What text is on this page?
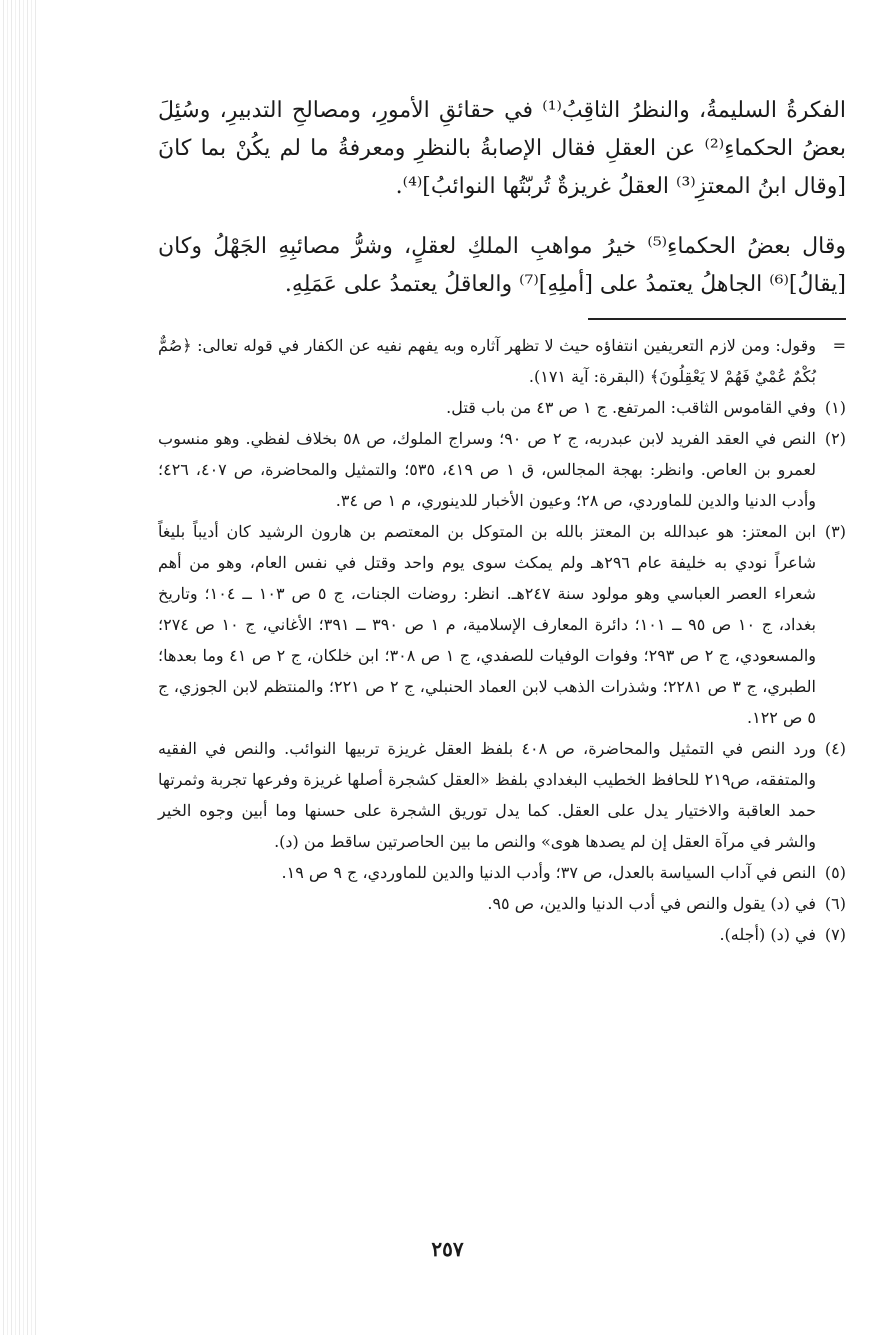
الفكرةُ السليمةُ، والنظرُ الثاقِبُ⁽¹⁾ في حقائقِ الأمورِ، ومصالحِ التدبيرِ، وسُئِلَ بعضُ الحكماءِ⁽²⁾ عن العقلِ فقال الإصابةُ بالنظرِ ومعرفةُ ما لم يكُنْ بما كانَ [وقال ابنُ المعتزِ⁽³⁾ العقلُ غريزةٌ تُربّتُها النوائبُ]⁽⁴⁾.

وقال بعضُ الحكماءِ⁽⁵⁾ خيرُ مواهبِ الملكِ لعقلٍ، وشرُّ مصائبِهِ الجَهْلُ وكان [يقالُ]⁽⁶⁾ الجاهلُ يعتمدُ على [أملِهِ]⁽⁷⁾ والعاقلُ يعتمدُ على عَمَلِهِ.

=
وقول: ومن لازم التعريفين انتفاؤه حيث لا تظهر آثاره وبه يفهم نفيه عن الكفار في قوله تعالى: ﴿صُمٌّ بُكْمٌ عُمْيٌ فَهُمْ لا يَعْقِلُونَ﴾ (البقرة: آية ١٧١).
(١)
وفي القاموس الثاقب: المرتفع. ج ١ ص ٤٣ من باب قتل.
(٢)
النص في العقد الفريد لابن عبدربه، ج ٢ ص ٩٠؛ وسراج الملوك، ص ٥٨ بخلاف لفظي. وهو منسوب لعمرو بن العاص. وانظر: بهجة المجالس، ق ١ ص ٤١٩، ٥٣٥؛ والتمثيل والمحاضرة، ص ٤٠٧، ٤٢٦؛ وأدب الدنيا والدين للماوردي، ص ٢٨؛ وعيون الأخبار للدينوري، م ١ ص ٣٤.
(٣)
ابن المعتز: هو عبدالله بن المعتز بالله بن المتوكل بن المعتصم بن هارون الرشيد كان أديباً بليغاً شاعراً نودي به خليفة عام ٢٩٦هـ ولم يمكث سوى يوم واحد وقتل في نفس العام، وهو من أهم شعراء العصر العباسي وهو مولود سنة ٢٤٧هـ. انظر: روضات الجنات، ج ٥ ص ١٠٣ ــ ١٠٤؛ وتاريخ بغداد، ج ١٠ ص ٩٥ ــ ١٠١؛ دائرة المعارف الإسلامية، م ١ ص ٣٩٠ ــ ٣٩١؛ الأغاني، ج ١٠ ص ٢٧٤؛ والمسعودي، ج ٢ ص ٢٩٣؛ وفوات الوفيات للصفدي، ج ١ ص ٣٠٨؛ ابن خلكان، ج ٢ ص ٤١ وما بعدها؛ الطبري، ج ٣ ص ٢٢٨١؛ وشذرات الذهب لابن العماد الحنبلي، ج ٢ ص ٢٢١؛ والمنتظم لابن الجوزي، ج ٥ ص ١٢٢.
(٤)
ورد النص في التمثيل والمحاضرة، ص ٤٠٨ بلفظ العقل غريزة تربيها النوائب. والنص في الفقيه والمتفقه، ص٢١٩ للحافظ الخطيب البغدادي بلفظ «العقل كشجرة أصلها غريزة وفرعها تجربة وثمرتها حمد العاقبة والاختيار يدل على العقل. كما يدل توريق الشجرة على حسنها وما أبين وجوه الخير والشر في مرآة العقل إن لم يصدها هوى» والنص ما بين الحاصرتين ساقط من (د).
(٥)
النص في آداب السياسة بالعدل، ص ٣٧؛ وأدب الدنيا والدين للماوردي، ج ٩ ص ١٩.
(٦)
في (د) يقول والنص في أدب الدنيا والدين، ص ٩٥.
(٧)
في (د) (أجله).
٢٥٧
